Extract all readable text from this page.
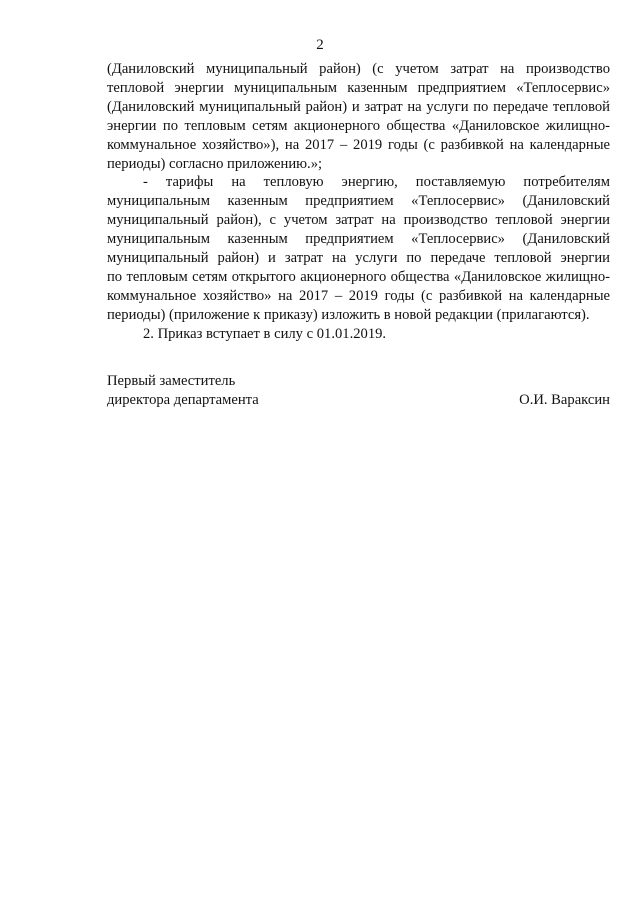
2
(Даниловский муниципальный район) (с учетом затрат на производство
тепловой энергии муниципальным казенным предприятием «Теплосервис»
(Даниловский муниципальный район) и затрат на услуги по передаче тепловой
энергии по тепловым сетям акционерного общества «Даниловское жилищно-
коммунальное хозяйство»), на 2017 – 2019 годы (с разбивкой на календарные
периоды) согласно приложению.»;
- тарифы на тепловую энергию, поставляемую потребителям
муниципальным казенным предприятием «Теплосервис» (Даниловский
муниципальный район), с учетом затрат на производство тепловой энергии
муниципальным казенным предприятием «Теплосервис» (Даниловский
муниципальный район) и затрат на услуги по передаче тепловой энергии
по тепловым сетям открытого акционерного общества «Даниловское жилищно-
коммунальное хозяйство» на 2017 – 2019 годы (с разбивкой на календарные
периоды) (приложение к приказу) изложить в новой редакции (прилагаются).
2. Приказ вступает в силу с 01.01.2019.
Первый заместитель
директора департамента	О.И. Вараксин
